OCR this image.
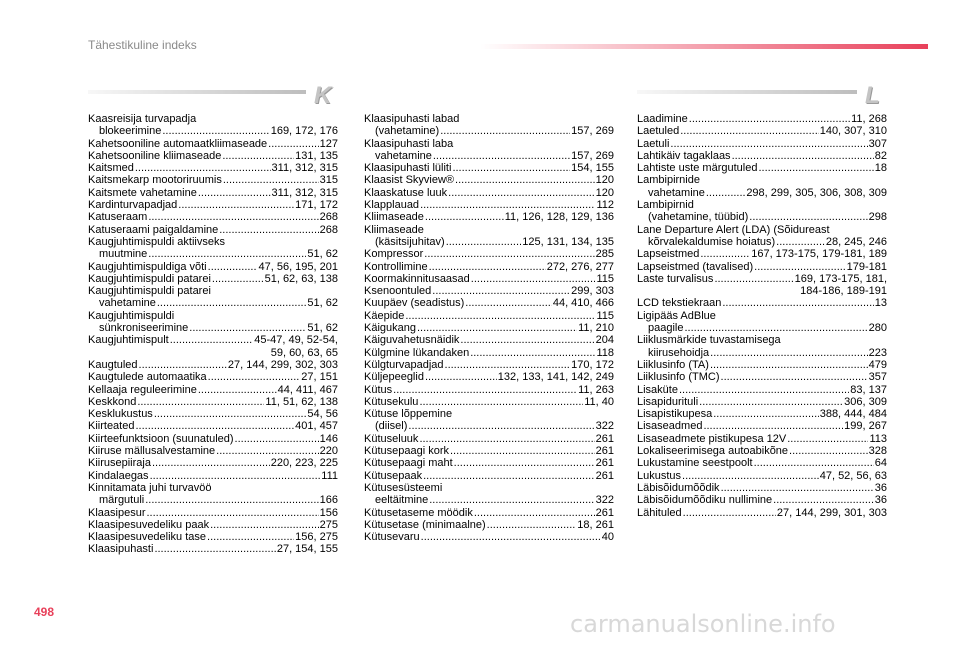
Tähestikuline indeks
K	L
Kaasreisija turvapadja
blokeerimine .....	169, 172, 176
Kahetsooniline automaatkliimaseade .....	127
Kahetsooniline kliimaseade .....	131, 135
Kaitsmed .....	311, 312, 315
Kaitsmekarp mootoriruumis .....	315
Kaitsmete vahetamine .....	311, 312, 315
Kardinturvapadjad .....	171, 172
Katuseraam .....	268
Katuseraami paigaldamine .....	268
Kaugjuhtimispuldi aktiivseks
muutmine .....	51, 62
Kaugjuhtimispuldiga võti .....	47, 56, 195, 201
Kaugjuhtimispuldi patarei .....	51, 62, 63, 138
Kaugjuhtimispuldi patarei
vahetamine .....	51, 62
Kaugjuhtimispuldi
sünkroniseerimine .....	51, 62
Kaugjuhtimispult .....	45-47, 49, 52-54,
59, 60, 63, 65
Kaugtuled .....	27, 144, 299, 302, 303
Kaugtulede automaatika .....	27, 151
Kellaaja reguleerimine .....	44, 411, 467
Keskkond .....	11, 51, 62, 138
Kesklukustus .....	54, 56
Kiirteated .....	401, 457
Kiirteefunktsioon (suunatuled) .....	146
Kiiruse mällusalvestamine .....	220
Kiirusepiiraja .....	220, 223, 225
Kindalaegas .....	111
Kinnitamata juhi turvavöö
märgutuli .....	166
Klaasipesur .....	156
Klaasipesuvedeliku paak .....	275
Klaasipesuvedeliku tase .....	156, 275
Klaasipuhasti .....	27, 154, 155
Klaasipuhasti labad
(vahetamine) .....	157, 269
Klaasipuhasti laba
vahetamine .....	157, 269
Klaasipuhasti lüliti .....	154, 155
Klaasist Skyview® .....	120
Klaaskatuse luuk .....	120
Klapplauad .....	112
Kliimaseade .....	11, 126, 128, 129, 136
Kliimaseade
(käsitsijuhitav) .....	125, 131, 134, 135
Kompressor .....	285
Kontrollimine .....	272, 276, 277
Koormakinnitusaasad .....	115
Ksenoontuled .....	299, 303
Kuupäev (seadistus) .....	44, 410, 466
Käepide .....	115
Käigukang .....	11, 210
Käiguvahetusnäidik .....	204
Külgmine lükandaken .....	118
Külgturvapadjad .....	170, 172
Küljepeeglid .....	132, 133, 141, 142, 249
Kütus .....	11, 263
Kütusekulu .....	11, 40
Kütuse lõppemine
(diisel) .....	322
Kütuseluuk .....	261
Kütusepaagi kork .....	261
Kütusepaagi maht .....	261
Kütusepaak .....	261
Kütusesüsteemi
eeltäitmine .....	322
Kütusetaseme möödik .....	261
Kütusetase (minimaalne) .....	18, 261
Kütusevaru .....	40
Laadimine .....	11, 268
Laetuled .....	140, 307, 310
Laetuli .....	307
Lahtikäiv tagaklaas .....	82
Lahtiste uste märgutuled .....	18
Lambipirnide
vahetamine .....	298, 299, 305, 306, 308, 309
Lambipirnid
(vahetamine, tüübid) .....	298
Lane Departure Alert (LDA) (Sõidureast
kõrvalekaldumise hoiatus) .....	28, 245, 246
Lapseistmed .....	167, 173-175, 179-181, 189
Lapseistmed (tavalised) .....	179-181
Laste turvalisus .....	169, 173-175, 181,
184-186, 189-191
LCD tekstiekraan .....	13
Ligipääs AdBlue
paagile .....	280
Liiklusmärkide tuvastamisega
kiirusehoidja .....	223
Liiklusinfo (TA) .....	479
Liiklusinfo (TMC) .....	357
Lisaküte .....	83, 137
Lisapidurituli .....	306, 309
Lisapistikupesa .....	388, 444, 484
Lisaseadmed .....	199, 267
Lisaseadmete pistikupesa 12V .....	113
Lokaliseerimisega autoabikõne .....	328
Lukustamine seestpoolt .....	64
Lukustus .....	47, 52, 56, 63
Läbisõidumõõdik .....	36
Läbisõidumõõdiku nullimine .....	36
Lähituled .....	27, 144, 299, 301, 303
498	carmanualsonline.info
